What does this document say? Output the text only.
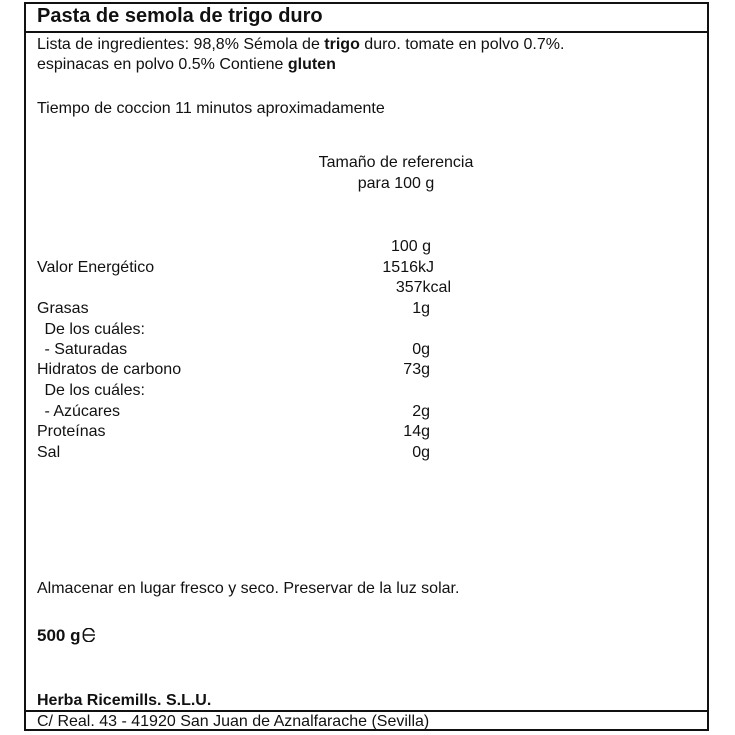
Pasta de semola de trigo duro
Lista de ingredientes: 98,8% Sémola de trigo duro. tomate en polvo 0.7%.
espinacas en polvo 0.5% Contiene gluten
Tiempo de coccion 11 minutos aproximadamente
Tamaño de referencia
para 100 g
100 g
Valor Energético	1516kJ
357kcal
Grasas	1g
De los cuáles:
- Saturadas	0g
Hidratos de carbono	73g
De los cuáles:
- Azúcares	2g
Proteínas	14g
Sal	0g
Almacenar en lugar fresco y seco. Preservar de la luz solar.
500 g
Herba Ricemills. S.L.U.
C/ Real. 43 - 41920 San Juan de Aznalfarache (Sevilla)
